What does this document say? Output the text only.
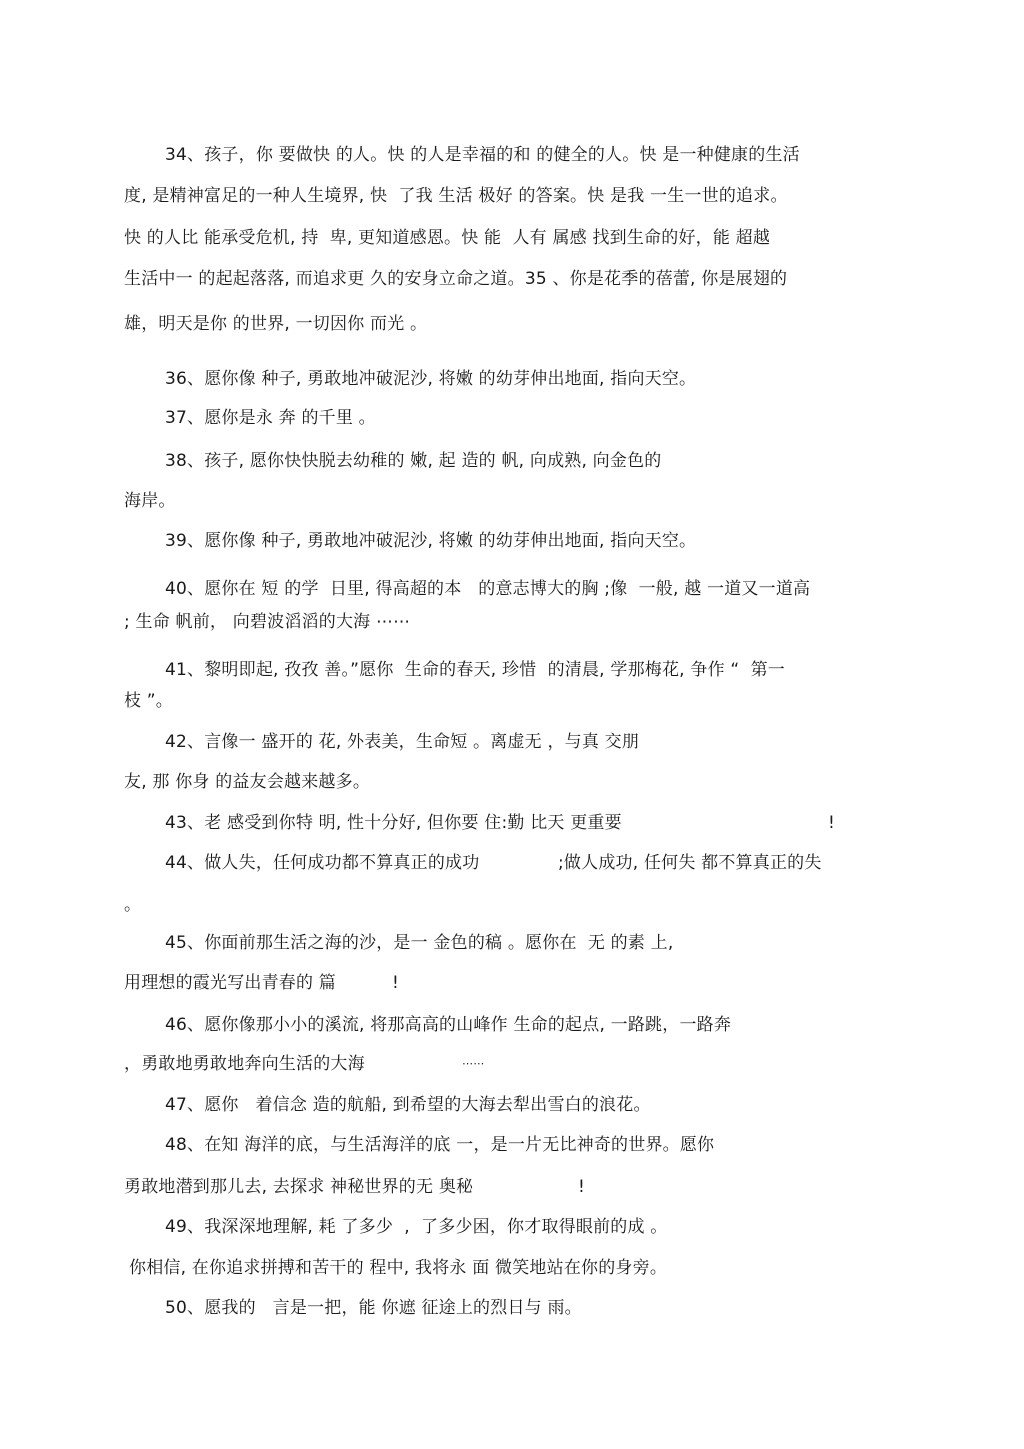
34、孩子，你 要做快 的人。快 的人是幸福的和 的健全的人。快 是一种健康的生活
度, 是精神富足的一种人生境界, 快  了我 生活 极好 的答案。快 是我 一生一世的追求。
快 的人比 能承受危机, 持  卑, 更知道感恩。快 能  人有 属感 找到生命的好，能 超越
生活中一 的起起落落, 而追求更 久的安身立命之道。35 、你是花季的蓓蕾, 你是展翅的
雄，明天是你 的世界, 一切因你 而光 。
36、愿你像 种子, 勇敢地冲破泥沙, 将嫩 的幼芽伸出地面, 指向天空。
37、愿你是永 奔 的千里 。
38、孩子, 愿你快快脱去幼稚的 嫩, 起 造的 帆, 向成熟, 向金色的
海岸。
39、愿你像 种子, 勇敢地冲破泥沙, 将嫩 的幼芽伸出地面, 指向天空。
40、愿你在 短 的学  日里, 得高超的本   的意志博大的胸 ;像  一般, 越 一道又一道高
; 生命 帆前， 向碧波滔滔的大海 ⋯⋯
41、黎明即起, 孜孜 善。”愿你  生命的春天, 珍惜  的清晨, 学那梅花, 争作 “  第一
枝 ”。
42、言像一 盛开的 花, 外表美，生命短 。离虚无 ，与真 交朋
友, 那 你身 的益友会越来越多。
43、老 感受到你特 明, 性十分好, 但你要 住:勤 比天 更重要	!
44、做人失，任何成功都不算真正的成功	;做人成功, 任何失 都不算真正的失
。
45、你面前那生活之海的沙，是一 金色的稿 。愿你在  无 的素 上,
用理想的霞光写出青春的 篇	!
46、愿你像那小小的溪流, 将那高高的山峰作 生命的起点, 一路跳，一路奔
，勇敢地勇敢地奔向生活的大海	⋯⋯
47、愿你   着信念 造的航船, 到希望的大海去犁出雪白的浪花。
48、在知 海洋的底，与生活海洋的底 一，是一片无比神奇的世界。愿你
勇敢地潜到那儿去, 去探求 神秘世界的无 奥秘	!
49、我深深地理解, 耗 了多少  ,  了多少困，你才取得眼前的成 。
你相信, 在你追求拼搏和苦干的 程中, 我将永 面 微笑地站在你的身旁。
50、愿我的   言是一把，能 你遮 征途上的烈日与 雨。
